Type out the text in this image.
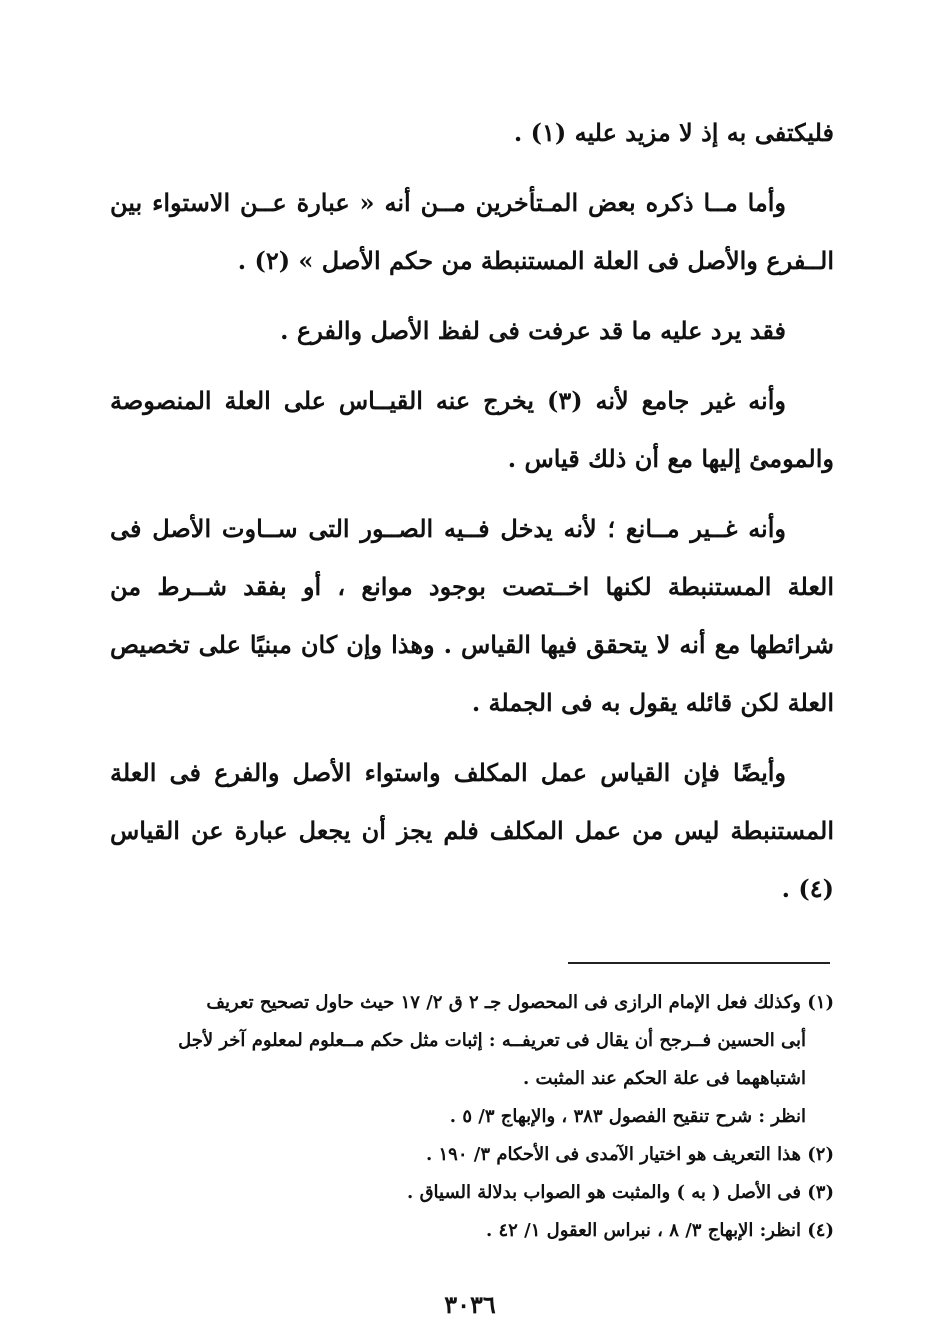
فليكتفى به إذ لا مزيد عليه (١) .

وأما مــا ذكره بعض المـتأخرين مــن أنه « عبارة عــن الاستواء بين الــفرع والأصل فى العلة المستنبطة من حكم الأصل » (٢) .

فقد يرد عليه ما قد عرفت فى لفظ الأصل والفرع .

وأنه غير جامع لأنه (٣) يخرج عنه القيــاس على العلة المنصوصة والمومئ إليها مع أن ذلك قياس .

وأنه غــير مــانع ؛ لأنه يدخل فــيه الصــور التى ســاوت الأصل فى العلة المستنبطة لكنها اخــتصت بوجود موانع ، أو بفقد شــرط من شرائطها مع أنه لا يتحقق فيها القياس . وهذا وإن كان مبنيًا على تخصيص العلة لكن قائله يقول به فى الجملة .

وأيضًا فإن القياس عمل المكلف واستواء الأصل والفرع فى العلة المستنبطة ليس من عمل المكلف فلم يجز أن يجعل عبارة عن القياس (٤) .

(١) وكذلك فعل الإمام الرازى فى المحصول جـ ٢ ق ٢/ ١٧ حيث حاول تصحيح تعريف

أبى الحسين فــرجح أن يقال فى تعريفــه : إثبات مثل حكم مــعلوم لمعلوم آخر لأجل

اشتباههما فى علة الحكم عند المثبت .

انظر : شرح تنقيح الفصول ٣٨٣ ، والإبهاج ٣/ ٥ .

(٢) هذا التعريف هو اختيار الآمدى فى الأحكام ٣/ ١٩٠ .

(٣) فى الأصل ( به ) والمثبت هو الصواب بدلالة السياق .

(٤) انظر: الإبهاج ٣/ ٨ ، نبراس العقول ١/ ٤٢ .

٣٠٣٦
